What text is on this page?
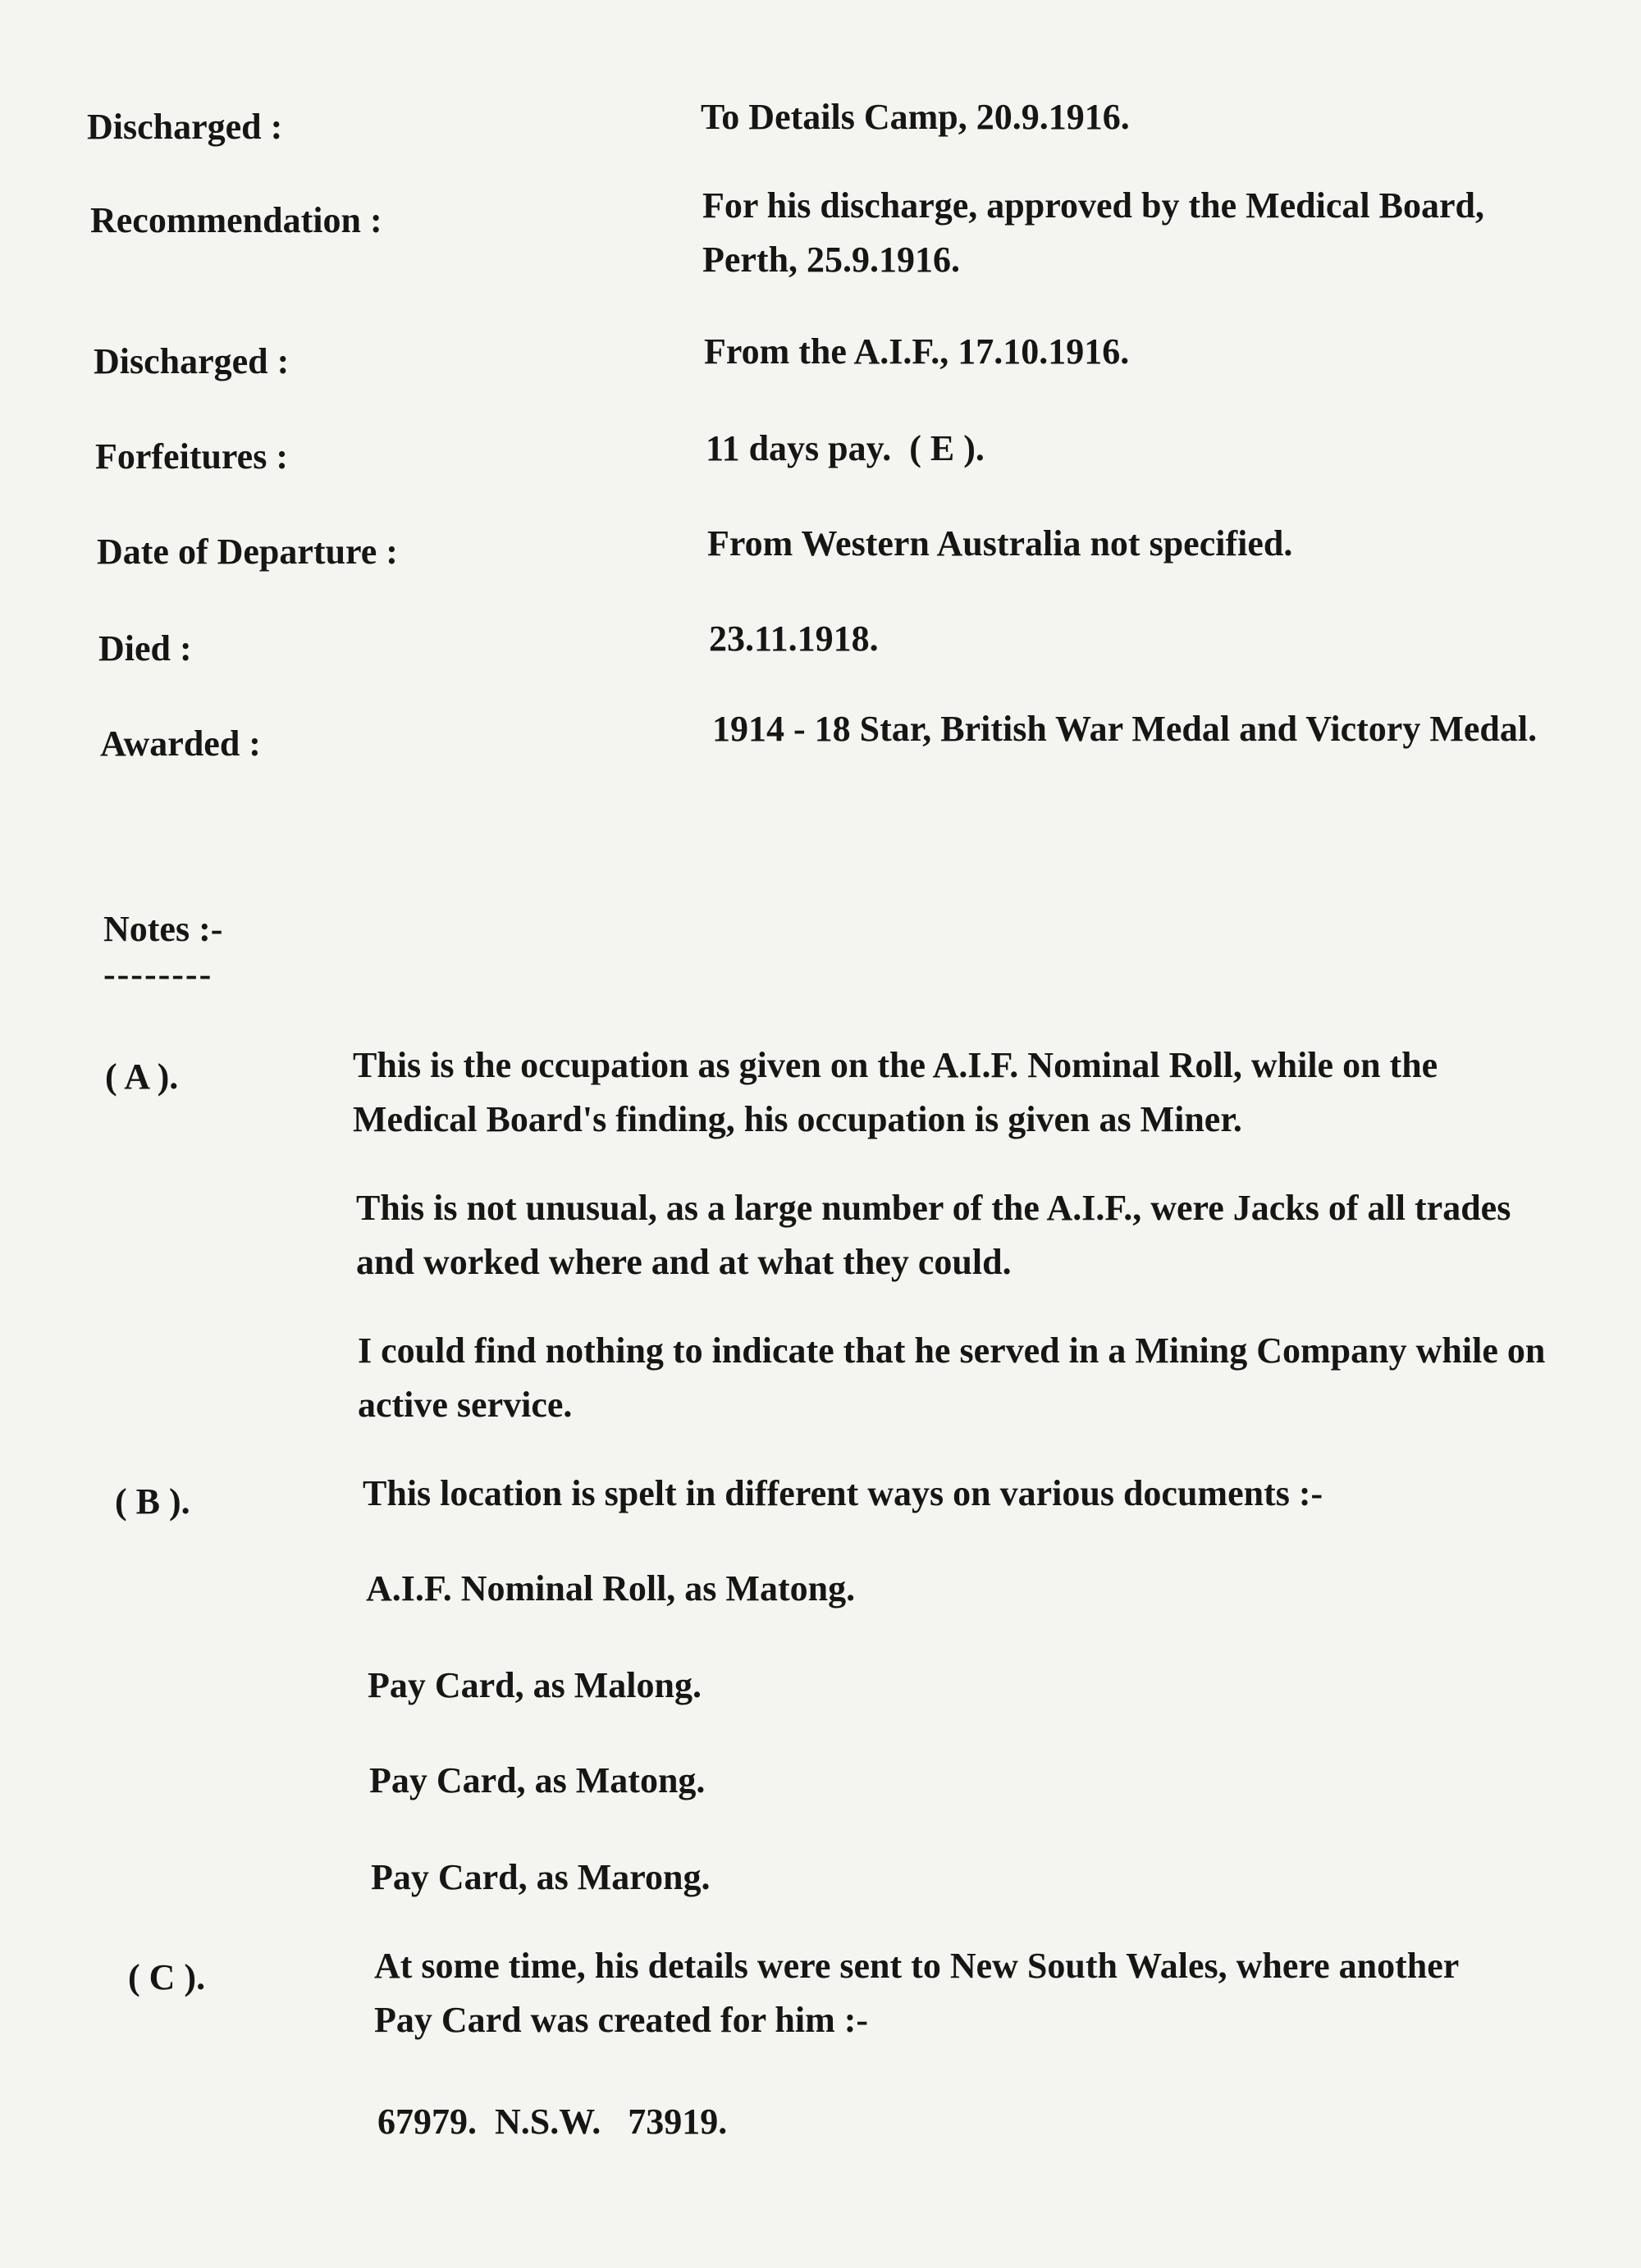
Discharged :	To Details Camp, 20.9.1916.
Recommendation :	For his discharge, approved by the Medical Board, Perth, 25.9.1916.
Discharged :	From the A.I.F., 17.10.1916.
Forfeitures :	11 days pay.  ( E ).
Date of Departure :	From Western Australia not specified.
Died :	23.11.1918.
Awarded :	1914 - 18 Star, British War Medal and Victory Medal.
Notes :-
--------
( A ).	This is the occupation as given on the A.I.F. Nominal Roll, while on the Medical Board's finding, his occupation is given as Miner.
This is not unusual, as a large number of the A.I.F., were Jacks of all trades and worked where and at what they could.
I could find nothing to indicate that he served in a Mining Company while on active service.
( B ).	This location is spelt in different ways on various documents :-
A.I.F. Nominal Roll, as Matong.
Pay Card, as Malong.
Pay Card, as Matong.
Pay Card, as Marong.
( C ).	At some time, his details were sent to New South Wales, where another Pay Card was created for him :-
67979.  N.S.W.   73919.
